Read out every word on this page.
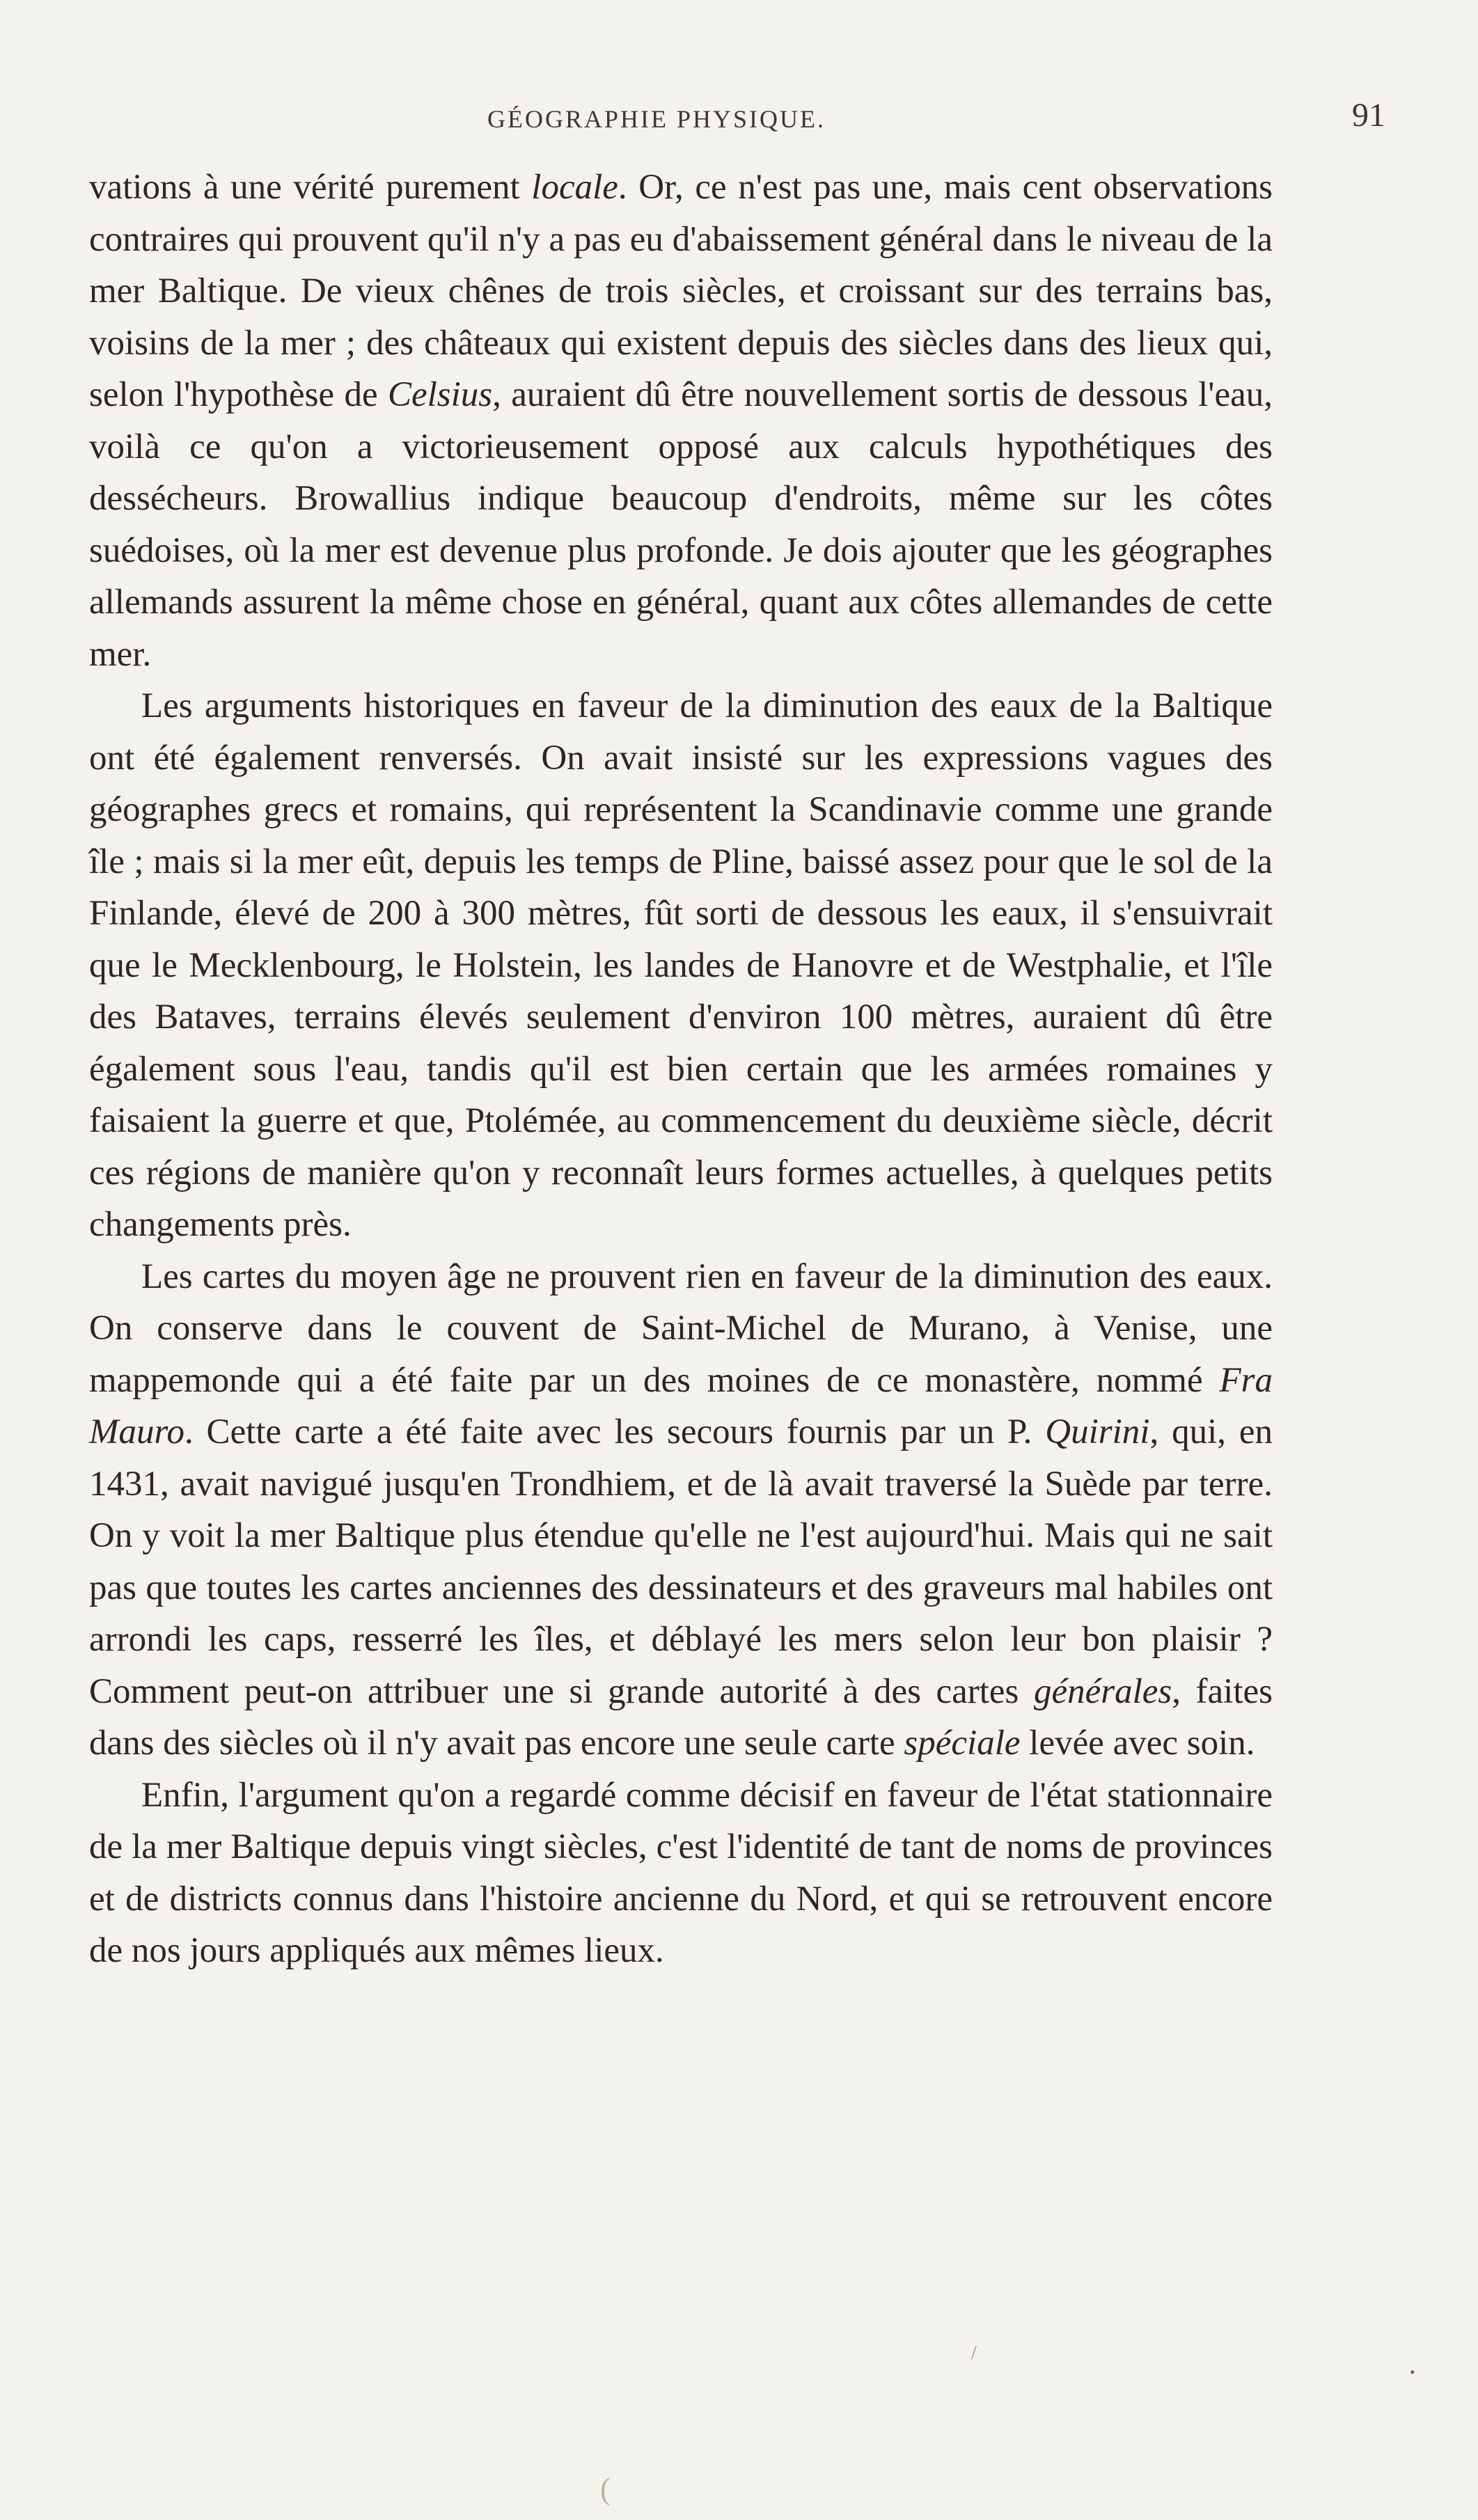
GÉOGRAPHIE PHYSIQUE.	91

vations à une vérité purement locale. Or, ce n'est pas une, mais cent observations contraires qui prouvent qu'il n'y a pas eu d'abaissement général dans le niveau de la mer Baltique. De vieux chênes de trois siècles, et croissant sur des terrains bas, voisins de la mer ; des châteaux qui existent depuis des siècles dans des lieux qui, selon l'hypothèse de Celsius, auraient dû être nouvellement sortis de dessous l'eau, voilà ce qu'on a victorieusement opposé aux calculs hypothétiques des dessécheurs. Browallius indique beaucoup d'endroits, même sur les côtes suédoises, où la mer est devenue plus profonde. Je dois ajouter que les géographes allemands assurent la même chose en général, quant aux côtes allemandes de cette mer.

Les arguments historiques en faveur de la diminution des eaux de la Baltique ont été également renversés. On avait insisté sur les expressions vagues des géographes grecs et romains, qui représentent la Scandinavie comme une grande île ; mais si la mer eût, depuis les temps de Pline, baissé assez pour que le sol de la Finlande, élevé de 200 à 300 mètres, fût sorti de dessous les eaux, il s'ensuivrait que le Mecklenbourg, le Holstein, les landes de Hanovre et de Westphalie, et l'île des Bataves, terrains élevés seulement d'environ 100 mètres, auraient dû être également sous l'eau, tandis qu'il est bien certain que les armées romaines y faisaient la guerre et que, Ptolémée, au commencement du deuxième siècle, décrit ces régions de manière qu'on y reconnaît leurs formes actuelles, à quelques petits changements près.

Les cartes du moyen âge ne prouvent rien en faveur de la diminution des eaux. On conserve dans le couvent de Saint-Michel de Murano, à Venise, une mappemonde qui a été faite par un des moines de ce monastère, nommé Fra Mauro. Cette carte a été faite avec les secours fournis par un P. Quirini, qui, en 1431, avait navigué jusqu'en Trondhiem, et de là avait traversé la Suède par terre. On y voit la mer Baltique plus étendue qu'elle ne l'est aujourd'hui. Mais qui ne sait pas que toutes les cartes anciennes des dessinateurs et des graveurs mal habiles ont arrondi les caps, resserré les îles, et déblayé les mers selon leur bon plaisir ? Comment peut-on attribuer une si grande autorité à des cartes générales, faites dans des siècles où il n'y avait pas encore une seule carte spéciale levée avec soin.

Enfin, l'argument qu'on a regardé comme décisif en faveur de l'état stationnaire de la mer Baltique depuis vingt siècles, c'est l'identité de tant de noms de provinces et de districts connus dans l'histoire ancienne du Nord, et qui se retrouvent encore de nos jours appliqués aux mêmes lieux.

•
/
(
